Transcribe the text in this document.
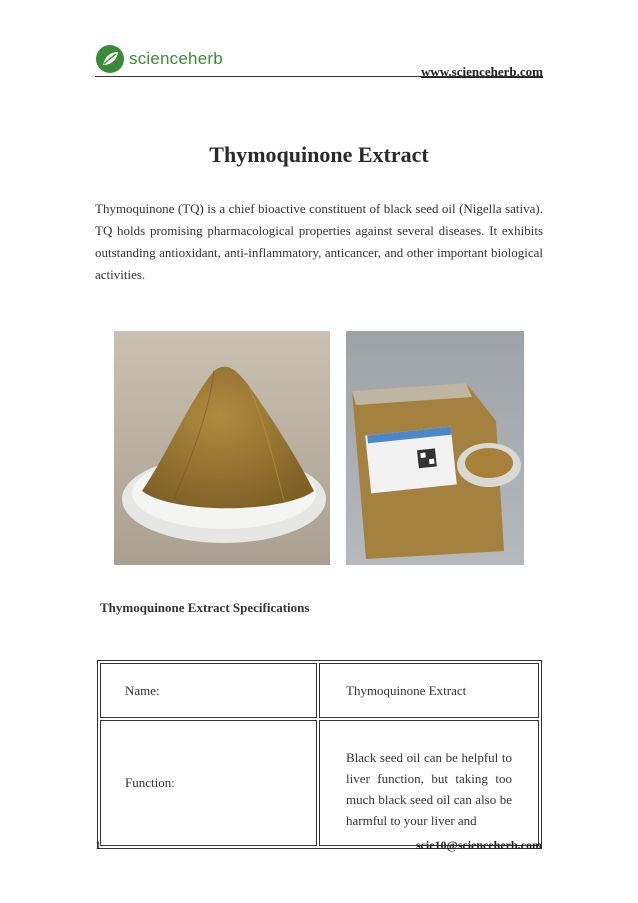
scienceherb
www.scienceherb.com
Thymoquinone Extract
Thymoquinone (TQ) is a chief bioactive constituent of black seed oil (Nigella sativa). TQ holds promising pharmacological properties against several diseases. It exhibits outstanding antioxidant, anti-inflammatory, anticancer, and other important biological activities.
Thymoquinone Extract Specifications
Name:	Thymoquinone Extract
Function:	Black seed oil can be helpful to liver function, but taking too much black seed oil can also be harmful to your liver and
1	scie10@scienceherb.com
